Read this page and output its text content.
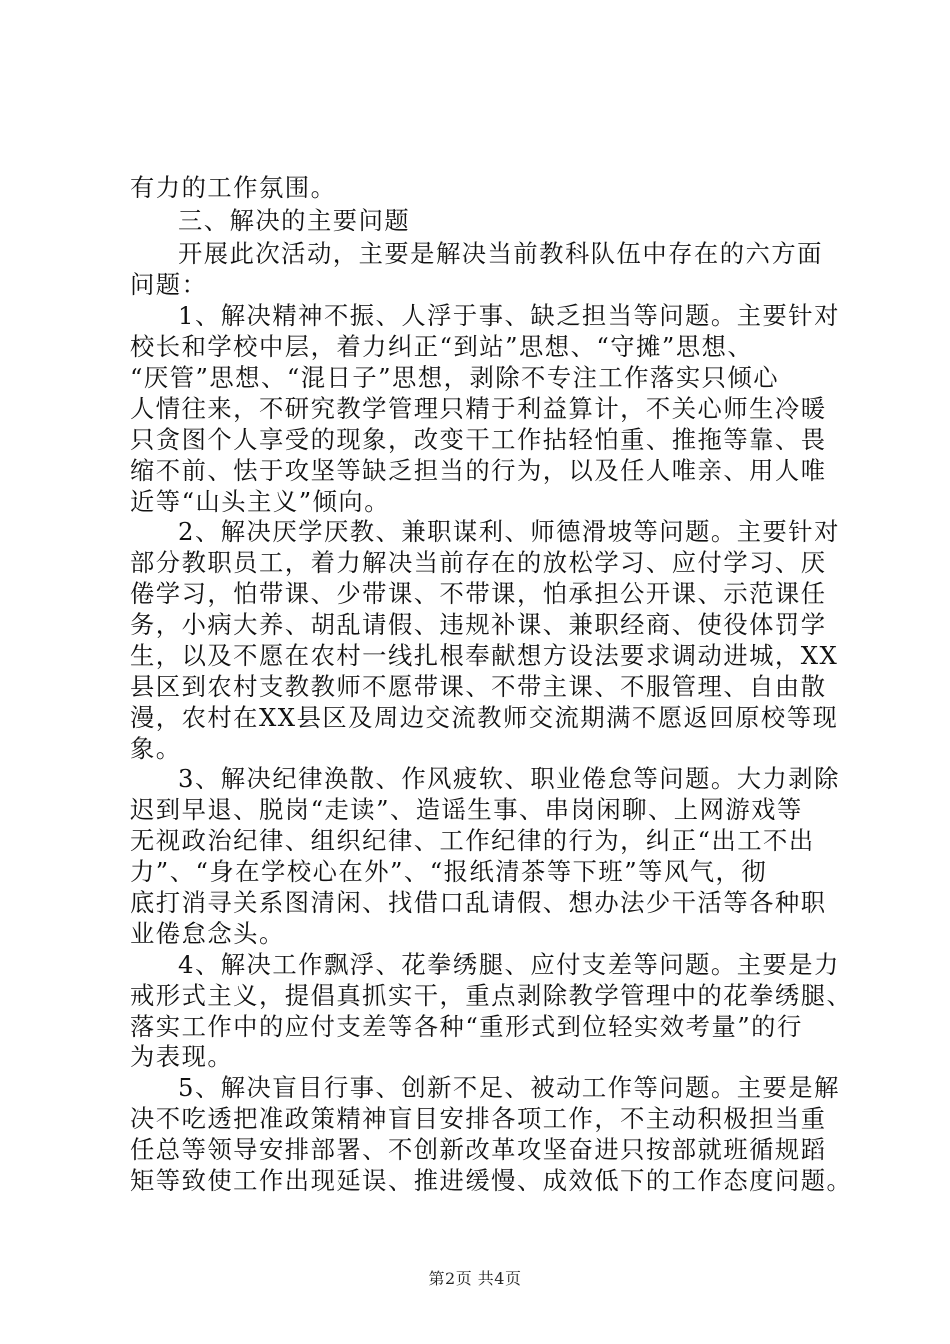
有力的工作氛围。
三、解决的主要问题
开展此次活动，主要是解决当前教科队伍中存在的六方面
问题：
1、解决精神不振、人浮于事、缺乏担当等问题。主要针对
校长和学校中层，着力纠正“到站”思想、“守摊”思想、
“厌管”思想、“混日子”思想，剥除不专注工作落实只倾心
人情往来，不研究教学管理只精于利益算计，不关心师生冷暖
只贪图个人享受的现象，改变干工作拈轻怕重、推拖等靠、畏
缩不前、怯于攻坚等缺乏担当的行为，以及任人唯亲、用人唯
近等“山头主义”倾向。
2、解决厌学厌教、兼职谋利、师德滑坡等问题。主要针对
部分教职员工，着力解决当前存在的放松学习、应付学习、厌
倦学习，怕带课、少带课、不带课，怕承担公开课、示范课任
务，小病大养、胡乱请假、违规补课、兼职经商、使役体罚学
生，以及不愿在农村一线扎根奉献想方设法要求调动进城，XX
县区到农村支教教师不愿带课、不带主课、不服管理、自由散
漫，农村在XX县区及周边交流教师交流期满不愿返回原校等现
象。
3、解决纪律涣散、作风疲软、职业倦怠等问题。大力剥除
迟到早退、脱岗“走读”、造谣生事、串岗闲聊、上网游戏等
无视政治纪律、组织纪律、工作纪律的行为，纠正“出工不出
力”、“身在学校心在外”、“报纸清茶等下班”等风气，彻
底打消寻关系图清闲、找借口乱请假、想办法少干活等各种职
业倦怠念头。
4、解决工作飘浮、花拳绣腿、应付支差等问题。主要是力
戒形式主义，提倡真抓实干，重点剥除教学管理中的花拳绣腿、
落实工作中的应付支差等各种“重形式到位轻实效考量”的行
为表现。
5、解决盲目行事、创新不足、被动工作等问题。主要是解
决不吃透把准政策精神盲目安排各项工作，不主动积极担当重
任总等领导安排部署、不创新改革攻坚奋进只按部就班循规蹈
矩等致使工作出现延误、推进缓慢、成效低下的工作态度问题。
第2页 共4页
